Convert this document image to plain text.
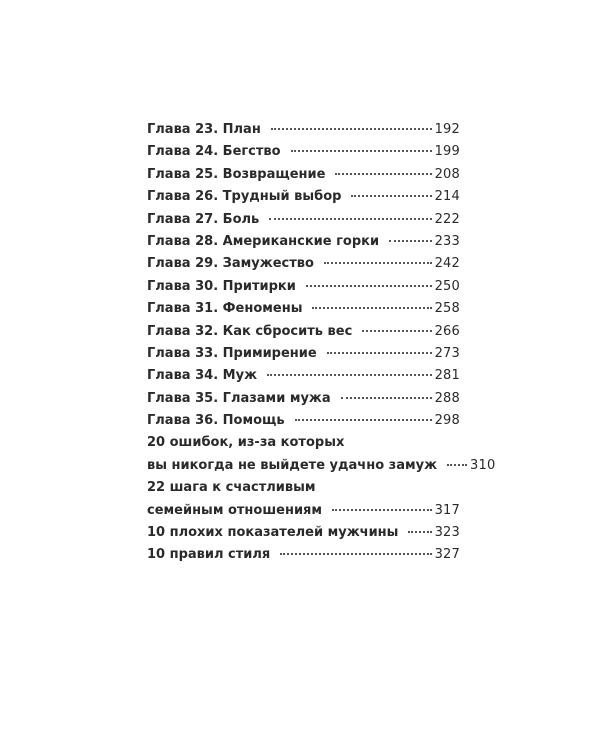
Глава 23. План	192
Глава 24. Бегство	199
Глава 25. Возвращение	208
Глава 26. Трудный выбор	214
Глава 27. Боль	222
Глава 28. Американские горки	233
Глава 29. Замужество	242
Глава 30. Притирки	250
Глава 31. Феномены	258
Глава 32. Как сбросить вес	266
Глава 33. Примирение	273
Глава 34. Муж	281
Глава 35. Глазами мужа	288
Глава 36. Помощь	298
20 ошибок, из-за которых
вы никогда не выйдете удачно замуж	310
22 шага к счастливым
семейным отношениям	317
10 плохих показателей мужчины	323
10 правил стиля	327
